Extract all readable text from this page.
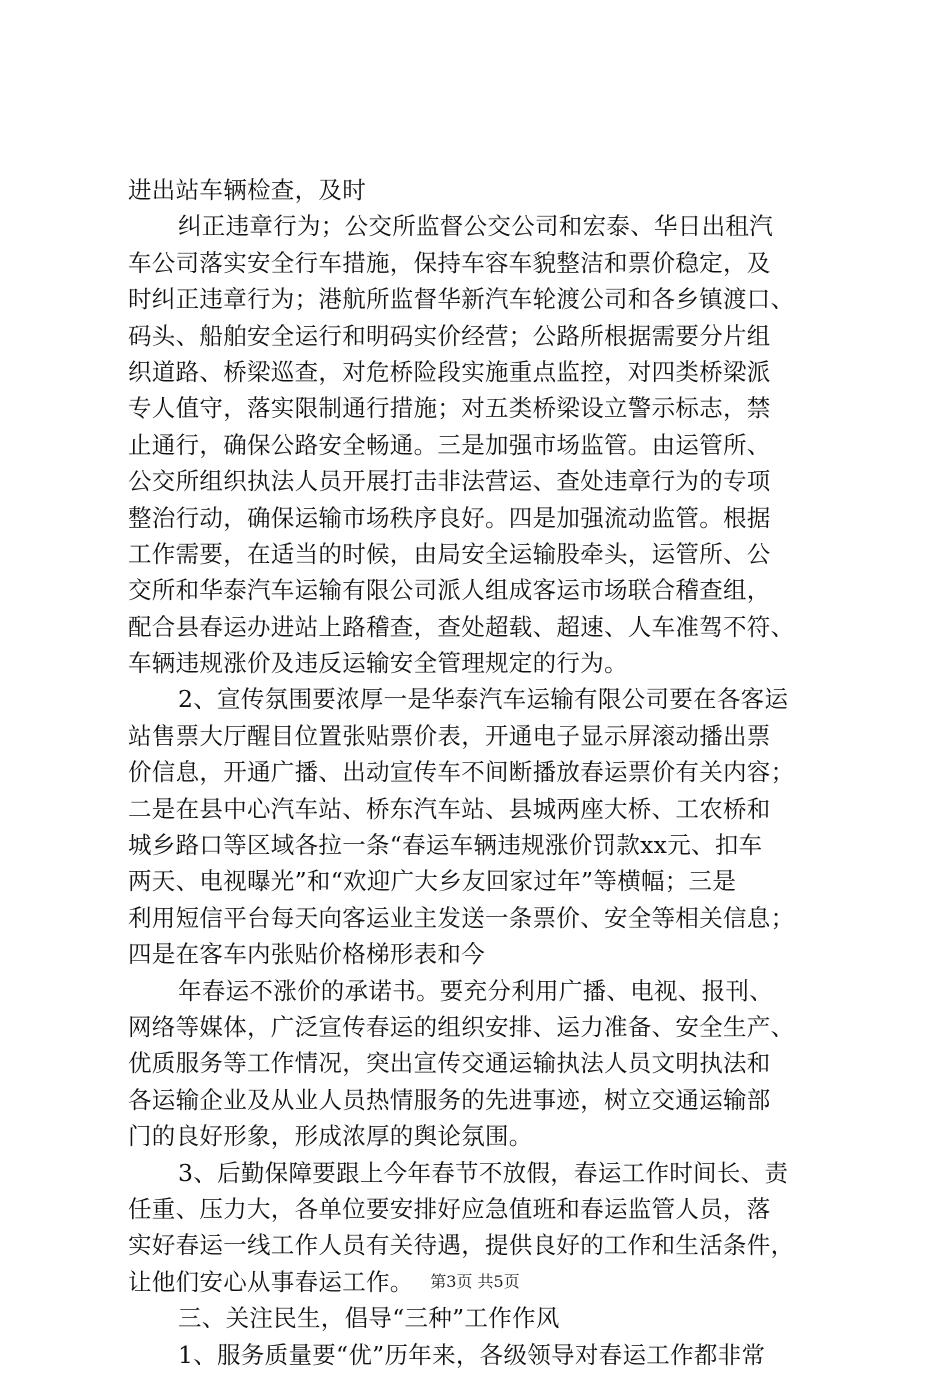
进出站车辆检查，及时
纠正违章行为；公交所监督公交公司和宏泰、华日出租汽
车公司落实安全行车措施，保持车容车貌整洁和票价稳定，及
时纠正违章行为；港航所监督华新汽车轮渡公司和各乡镇渡口、
码头、船舶安全运行和明码实价经营；公路所根据需要分片组
织道路、桥梁巡查，对危桥险段实施重点监控，对四类桥梁派
专人值守，落实限制通行措施；对五类桥梁设立警示标志，禁
止通行，确保公路安全畅通。三是加强市场监管。由运管所、
公交所组织执法人员开展打击非法营运、查处违章行为的专项
整治行动，确保运输市场秩序良好。四是加强流动监管。根据
工作需要，在适当的时候，由局安全运输股牵头，运管所、公
交所和华泰汽车运输有限公司派人组成客运市场联合稽查组，
配合县春运办进站上路稽查，查处超载、超速、人车准驾不符、
车辆违规涨价及违反运输安全管理规定的行为。
2、宣传氛围要浓厚一是华泰汽车运输有限公司要在各客运
站售票大厅醒目位置张贴票价表，开通电子显示屏滚动播出票
价信息，开通广播、出动宣传车不间断播放春运票价有关内容；
二是在县中心汽车站、桥东汽车站、县城两座大桥、工农桥和
城乡路口等区域各拉一条“春运车辆违规涨价罚款xx元、扣车
两天、电视曝光”和“欢迎广大乡友回家过年”等横幅；三是
利用短信平台每天向客运业主发送一条票价、安全等相关信息；
四是在客车内张贴价格梯形表和今
年春运不涨价的承诺书。要充分利用广播、电视、报刊、
网络等媒体，广泛宣传春运的组织安排、运力准备、安全生产、
优质服务等工作情况，突出宣传交通运输执法人员文明执法和
各运输企业及从业人员热情服务的先进事迹，树立交通运输部
门的良好形象，形成浓厚的舆论氛围。
3、后勤保障要跟上今年春节不放假，春运工作时间长、责
任重、压力大，各单位要安排好应急值班和春运监管人员，落
实好春运一线工作人员有关待遇，提供良好的工作和生活条件，
让他们安心从事春运工作。
三、关注民生，倡导“三种”工作作风
1、服务质量要“优”历年来，各级领导对春运工作都非常
第3页 共5页
